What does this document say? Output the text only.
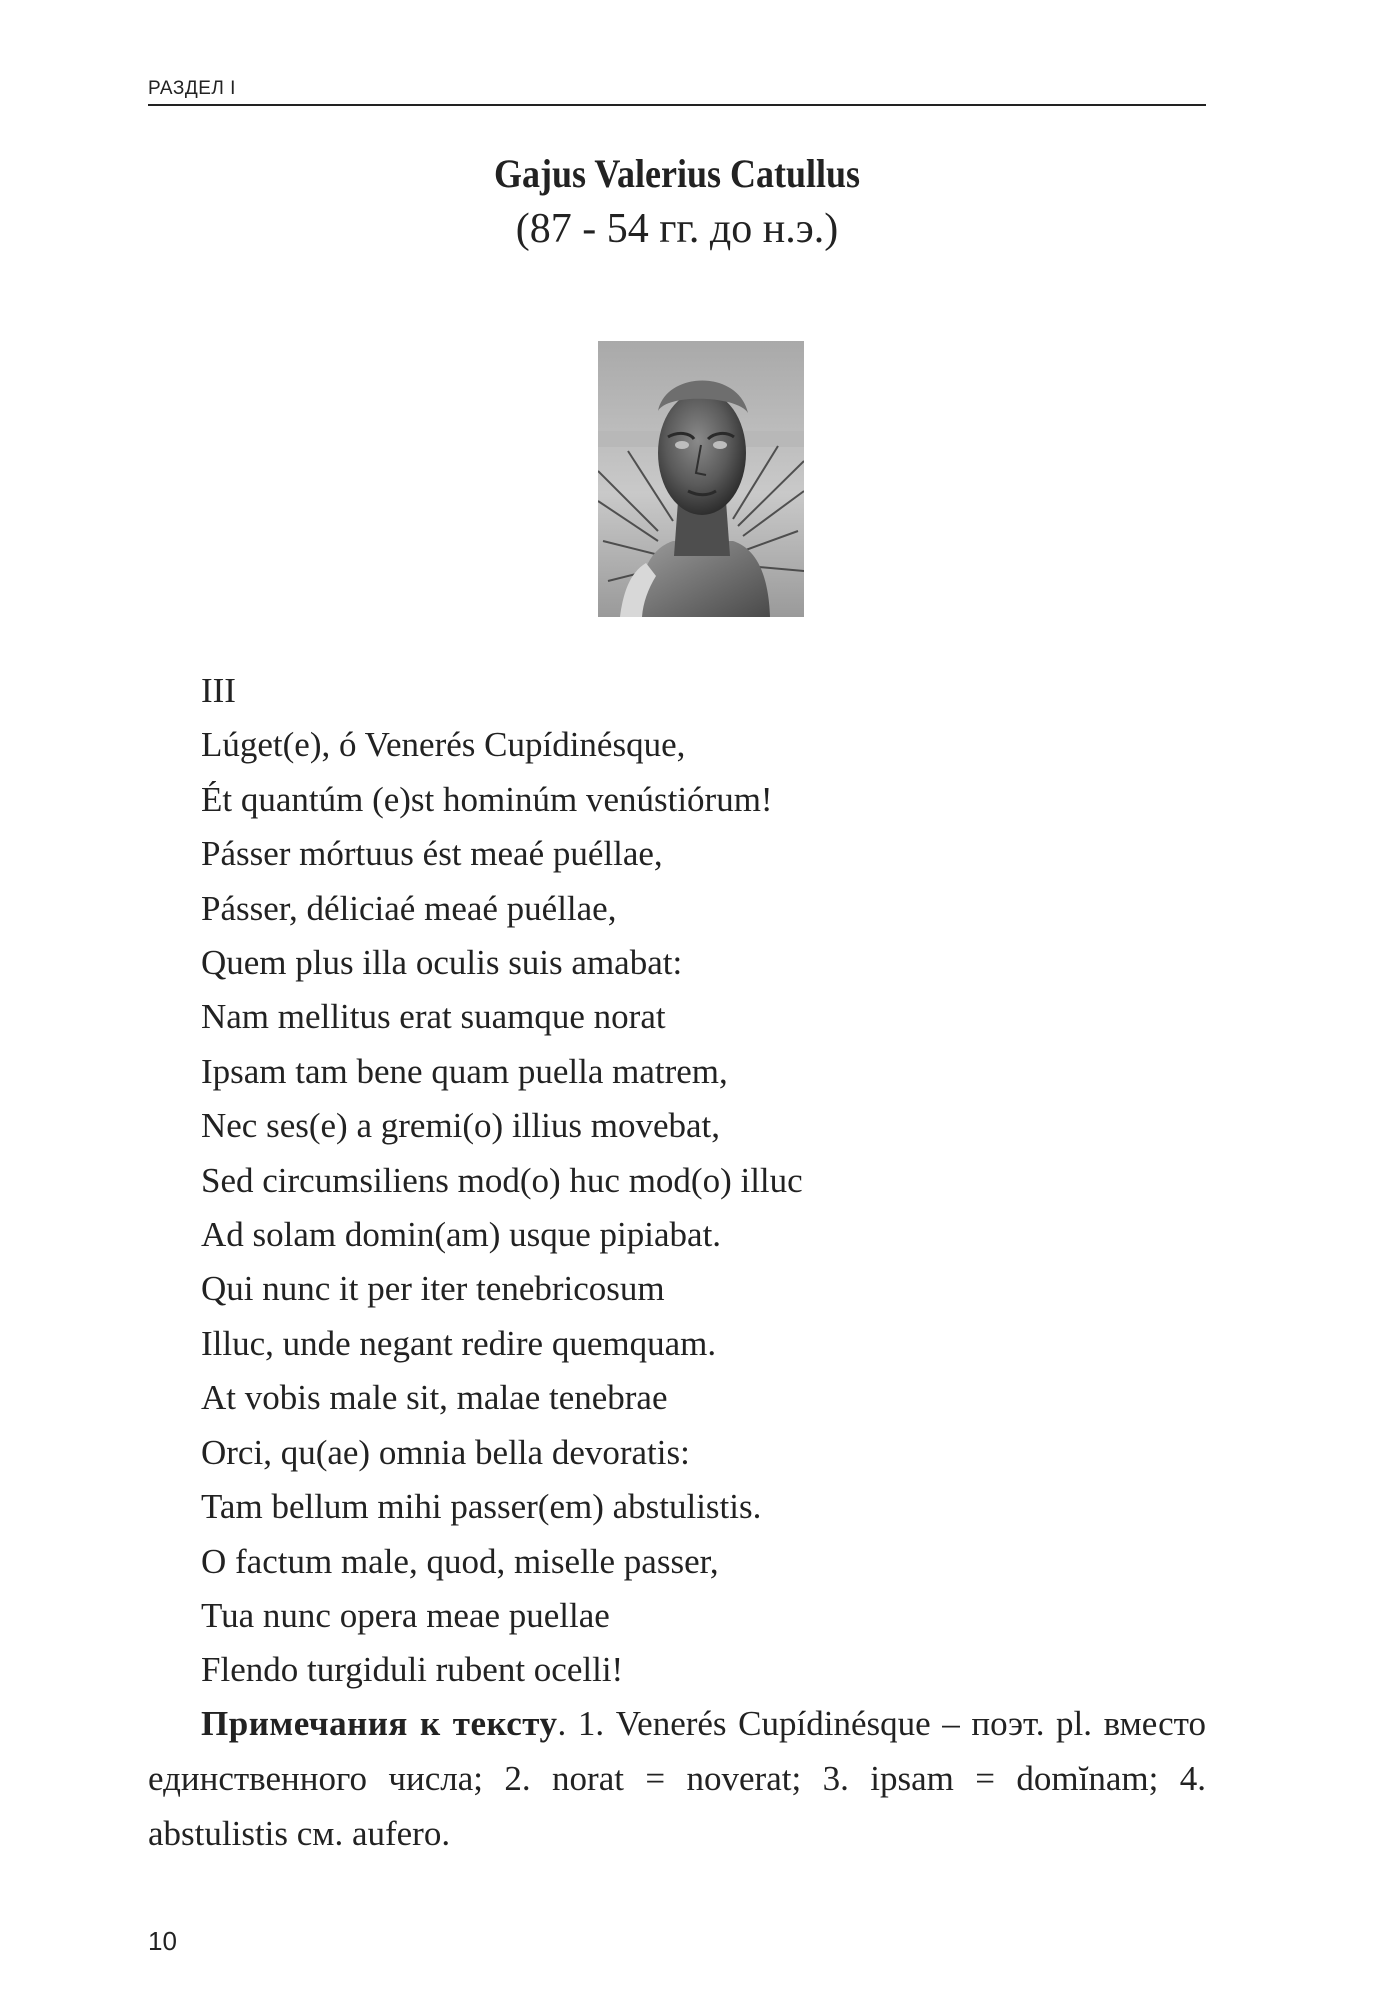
РАЗДЕЛ I
Gajus Valerius Catullus
(87 - 54 гг. до н.э.)
III
Lúget(e), ó Venerés Cupídinésque,
Ét quantúm (e)st hominúm venústiórum!
Pásser mórtuus ést meaé puéllae,
Pásser, déliciaé meaé puéllae,
Quem plus illa oculis suis amabat:
Nam mellitus erat suamque norat
Ipsam tam bene quam puella matrem,
Nec ses(e) a gremi(o) illius movebat,
Sed circumsiliens mod(o) huc mod(o) illuc
Ad solam domin(am) usque pipiabat.
Qui nunc it per iter tenebricosum
Illuc, unde negant redire quemquam.
At vobis male sit, malae tenebrae
Orci, qu(ae) omnia bella devoratis:
Tam bellum mihi passer(em) abstulistis.
O factum male, quod, miselle passer,
Tua nunc opera meae puellae
Flendo turgiduli rubent ocelli!
Примечания к тексту. 1. Venerés Cupídinésque – поэт. pl. вместо единственного числа; 2. norat = noverat; 3. ipsam = domĭnam; 4. abstulistis см. aufero.
10
